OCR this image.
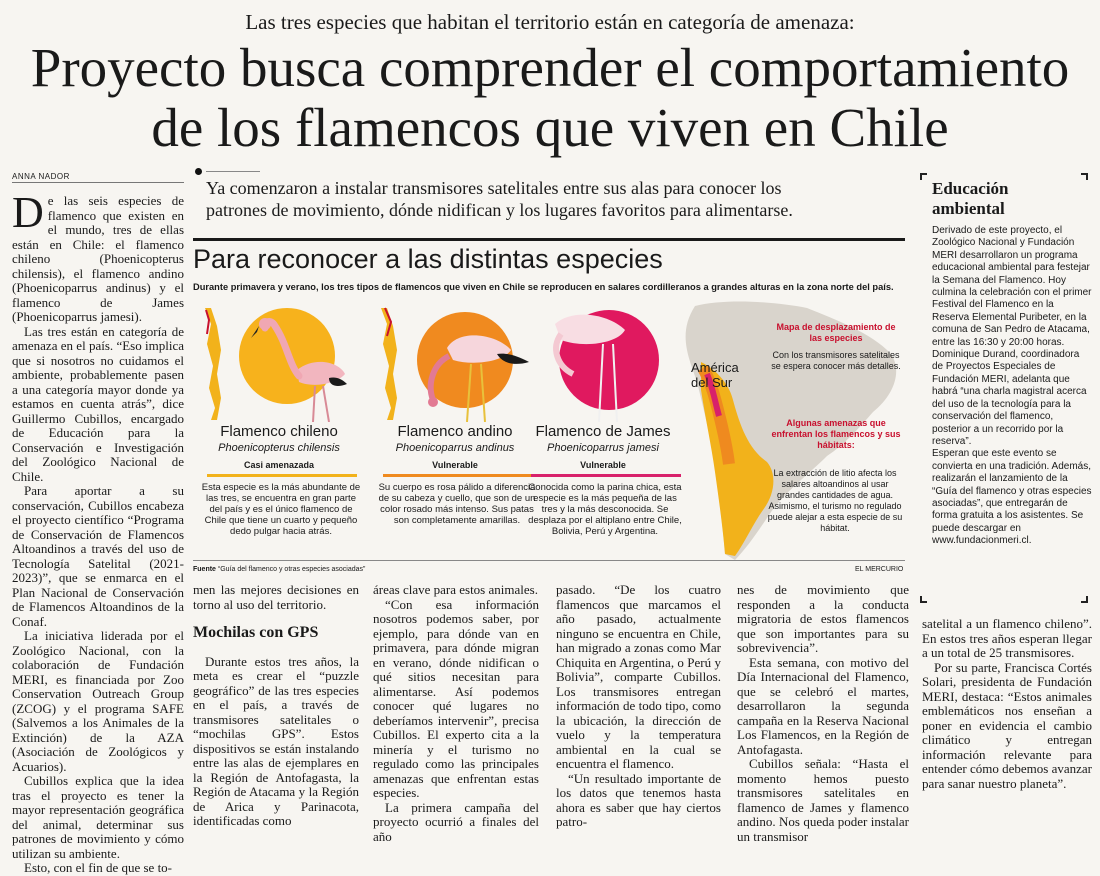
Las tres especies que habitan el territorio están en categoría de amenaza:
Proyecto busca comprender el comportamiento
de los flamencos que viven en Chile
ANNA NADOR
Ya comenzaron a instalar transmisores satelitales entre sus alas para conocer los
patrones de movimiento, dónde nidifican y los lugares favoritos para alimentarse.

De las seis especies de flamenco que existen en el mundo, tres de ellas están en Chile: el flamenco chileno (Phoenicopterus chilensis), el flamenco andino (Phoenicoparrus andinus) y el flamenco de James (Phoenicoparrus jamesi).

Las tres están en categoría de amenaza en el país. “Eso implica que si nosotros no cuidamos el ambiente, probablemente pasen a una categoría mayor donde ya estamos en cuenta atrás”, dice Guillermo Cubillos, encargado de Educación para la Conservación e Investigación del Zoológico Nacional de Chile.

Para aportar a su conservación, Cubillos encabeza el proyecto científico “Programa de Conservación de Flamencos Altoandinos a través del uso de Tecnología Satelital (2021-2023)”, que se enmarca en el Plan Nacional de Conservación de Flamencos Altoandinos de la Conaf.

La iniciativa liderada por el Zoológico Nacional, con la colaboración de Fundación MERI, es financiada por Zoo Conservation Outreach Group (ZCOG) y el programa SAFE (Salvemos a los Animales de la Extinción) de la AZA (Asociación de Zoológicos y Acuarios).

Cubillos explica que la idea tras el proyecto es tener la mayor representación geográfica del animal, determinar sus patrones de movimiento y cómo utilizan su ambiente.

Esto, con el fin de que se to-

Para reconocer a las distintas especies
Durante primavera y verano, los tres tipos de flamencos que viven en Chile se reproducen en salares cordilleranos a grandes alturas en la zona norte del país.
Flamenco chileno
Phoenicopterus chilensis
Casi amenazada
Esta especie es la más abundante de las tres, se encuentra en gran parte del país y es el único flamenco de Chile que tiene un cuarto y pequeño dedo pulgar hacia atrás.
Flamenco andino
Phoenicoparrus andinus
Vulnerable
Su cuerpo es rosa pálido a diferencia de su cabeza y cuello, que son de un color rosado más intenso. Sus patas son completamente amarillas.
Flamenco de James
Phoenicoparrus jamesi
Vulnerable
Conocida como la parina chica, esta especie es la más pequeña de las tres y la más desconocida. Se desplaza por el altiplano entre Chile, Bolivia, Perú y Argentina.
América
del Sur
Mapa de desplazamiento de las especies
Con los transmisores satelitales se espera conocer más detalles.
Algunas amenazas que enfrentan los flamencos y sus hábitats:
La extracción de litio afecta los salares altoandinos al usar grandes cantidades de agua. Asimismo, el turismo no regulado puede alejar a esta especie de su hábitat.
Fuente “Guía del flamenco y otras especies asociadas”	EL MERCURIO

men las mejores decisiones en torno al uso del territorio.

Mochilas con GPS

Durante estos tres años, la meta es crear el “puzzle geográfico” de las tres especies en el país, a través de transmisores satelitales o “mochilas GPS”. Estos dispositivos se están instalando entre las alas de ejemplares en la Región de Antofagasta, la Región de Atacama y la Región de Arica y Parinacota, identificadas como

áreas clave para estos animales.

“Con esa información nosotros podemos saber, por ejemplo, para dónde van en primavera, para dónde migran en verano, dónde nidifican o qué sitios necesitan para alimentarse. Así podemos conocer qué lugares no deberíamos intervenir”, precisa Cubillos. El experto cita a la minería y el turismo no regulado como las principales amenazas que enfrentan estas especies.

La primera campaña del proyecto ocurrió a finales del año

pasado. “De los cuatro flamencos que marcamos el año pasado, actualmente ninguno se encuentra en Chile, han migrado a zonas como Mar Chiquita en Argentina, o Perú y Bolivia”, comparte Cubillos. Los transmisores entregan información de todo tipo, como la ubicación, la dirección de vuelo y la temperatura ambiental en la cual se encuentra el flamenco.

“Un resultado importante de los datos que tenemos hasta ahora es saber que hay ciertos patro-

nes de movimiento que responden a la conducta migratoria de estos flamencos que son importantes para su sobrevivencia”.

Esta semana, con motivo del Día Internacional del Flamenco, que se celebró el martes, desarrollaron la segunda campaña en la Reserva Nacional Los Flamencos, en la Región de Antofagasta.

Cubillos señala: “Hasta el momento hemos puesto transmisores satelitales en flamenco de James y flamenco andino. Nos queda poder instalar un transmisor

satelital a un flamenco chileno”. En estos tres años esperan llegar a un total de 25 transmisores.

Por su parte, Francisca Cortés Solari, presidenta de Fundación MERI, destaca: “Estos animales emblemáticos nos enseñan a poner en evidencia el cambio climático y entregan información relevante para entender cómo debemos avanzar para sanar nuestro planeta”.

Educación
ambiental

Derivado de este proyecto, el Zoológico Nacional y Fundación MERI desarrollaron un programa educacional ambiental para festejar la Semana del Flamenco. Hoy culmina la celebración con el primer Festival del Flamenco en la Reserva Elemental Puribeter, en la comuna de San Pedro de Atacama, entre las 16:30 y 20:00 horas.

Dominique Durand, coordinadora de Proyectos Especiales de Fundación MERI, adelanta que habrá “una charla magistral acerca del uso de la tecnología para la conservación del flamenco, posterior a un recorrido por la reserva”.

Esperan que este evento se convierta en una tradición. Además, realizarán el lanzamiento de la “Guía del flamenco y otras especies asociadas”, que entregarán de forma gratuita a los asistentes. Se puede descargar en www.fundacionmeri.cl.
